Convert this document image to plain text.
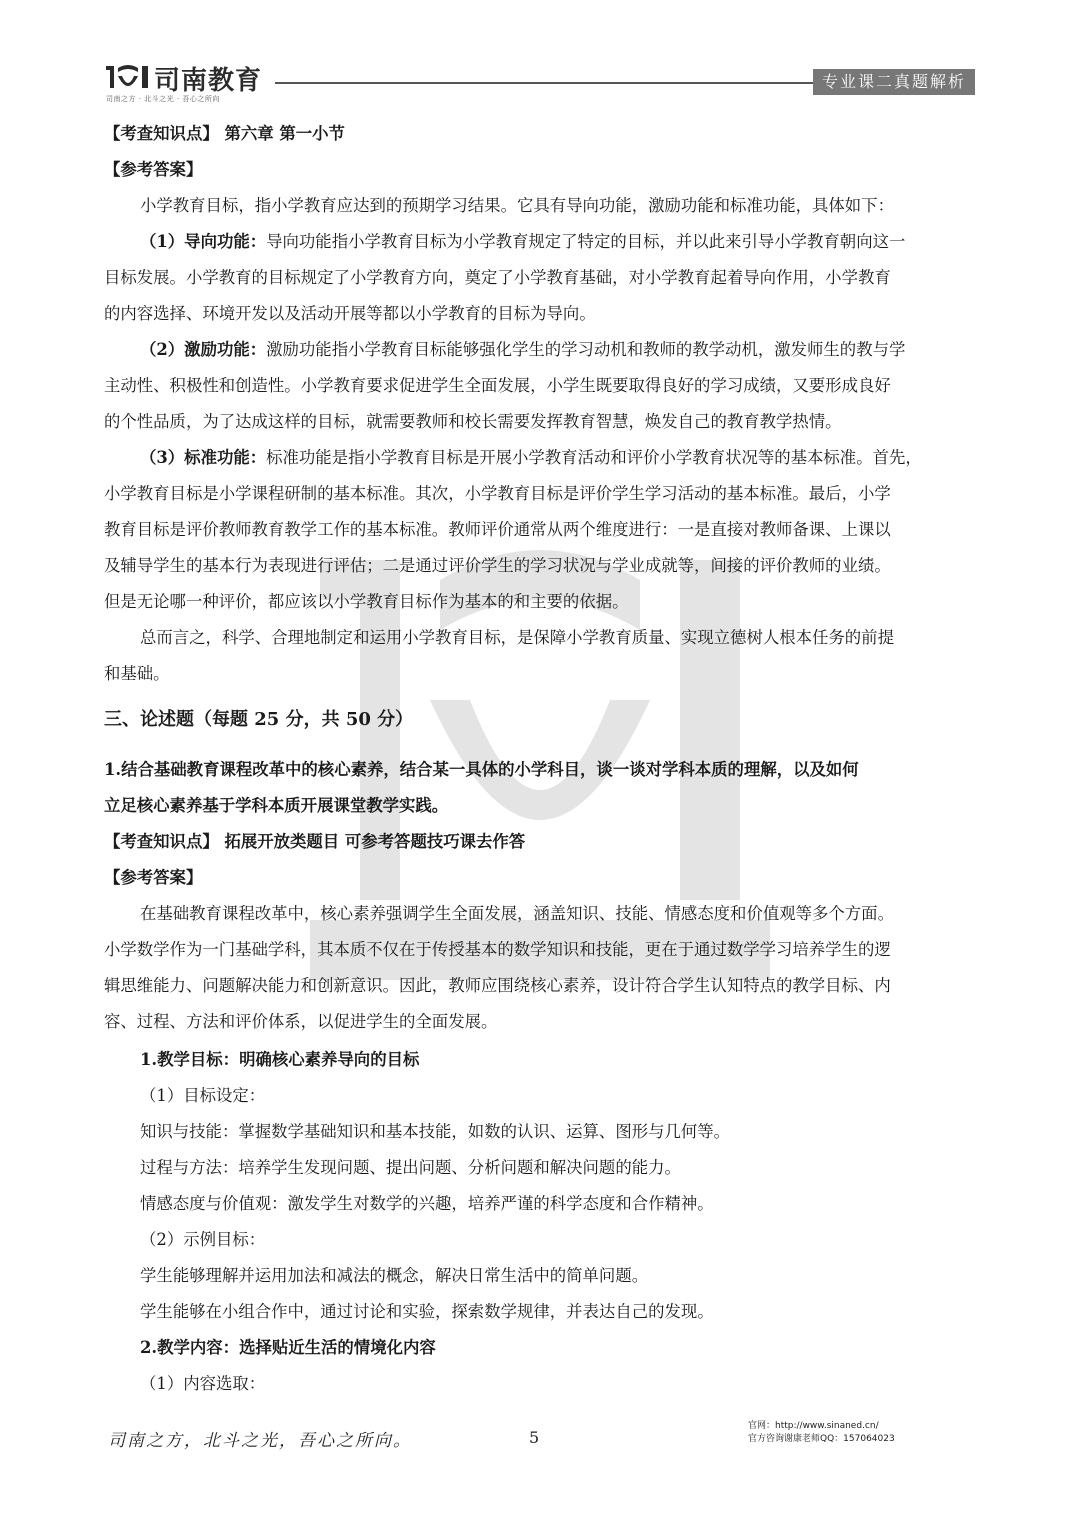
司南教育
司南之方 · 北斗之光 · 吾心之所向
专业课二真题解析
【考查知识点】 第六章 第一小节
【参考答案】
小学教育目标，指小学教育应达到的预期学习结果。它具有导向功能，激励功能和标准功能，具体如下：
（1）导向功能：导向功能指小学教育目标为小学教育规定了特定的目标，并以此来引导小学教育朝向这一
目标发展。小学教育的目标规定了小学教育方向，奠定了小学教育基础，对小学教育起着导向作用，小学教育
的内容选择、环境开发以及活动开展等都以小学教育的目标为导向。
（2）激励功能：激励功能指小学教育目标能够强化学生的学习动机和教师的教学动机，激发师生的教与学
主动性、积极性和创造性。小学教育要求促进学生全面发展，小学生既要取得良好的学习成绩，又要形成良好
的个性品质，为了达成这样的目标，就需要教师和校长需要发挥教育智慧，焕发自己的教育教学热情。
（3）标准功能：标准功能是指小学教育目标是开展小学教育活动和评价小学教育状况等的基本标准。首先，
小学教育目标是小学课程研制的基本标准。其次，小学教育目标是评价学生学习活动的基本标准。最后，小学
教育目标是评价教师教育教学工作的基本标准。教师评价通常从两个维度进行：一是直接对教师备课、上课以
及辅导学生的基本行为表现进行评估；二是通过评价学生的学习状况与学业成就等，间接的评价教师的业绩。
但是无论哪一种评价，都应该以小学教育目标作为基本的和主要的依据。
总而言之，科学、合理地制定和运用小学教育目标，是保障小学教育质量、实现立德树人根本任务的前提
和基础。
三、论述题（每题 25 分，共 50 分）
1.结合基础教育课程改革中的核心素养，结合某一具体的小学科目，谈一谈对学科本质的理解，以及如何
立足核心素养基于学科本质开展课堂教学实践。
【考查知识点】 拓展开放类题目 可参考答题技巧课去作答
【参考答案】
在基础教育课程改革中，核心素养强调学生全面发展，涵盖知识、技能、情感态度和价值观等多个方面。
小学数学作为一门基础学科，其本质不仅在于传授基本的数学知识和技能，更在于通过数学学习培养学生的逻
辑思维能力、问题解决能力和创新意识。因此，教师应围绕核心素养，设计符合学生认知特点的教学目标、内
容、过程、方法和评价体系，以促进学生的全面发展。
1.教学目标：明确核心素养导向的目标
（1）目标设定：
知识与技能：掌握数学基础知识和基本技能，如数的认识、运算、图形与几何等。
过程与方法：培养学生发现问题、提出问题、分析问题和解决问题的能力。
情感态度与价值观：激发学生对数学的兴趣，培养严谨的科学态度和合作精神。
（2）示例目标：
学生能够理解并运用加法和减法的概念，解决日常生活中的简单问题。
学生能够在小组合作中，通过讨论和实验，探索数学规律，并表达自己的发现。
2.教学内容：选择贴近生活的情境化内容
（1）内容选取：
司南之方，北斗之光，吾心之所向。	5
官网：http://www.sinaned.cn/
官方咨询谢康老师QQ：157064023
